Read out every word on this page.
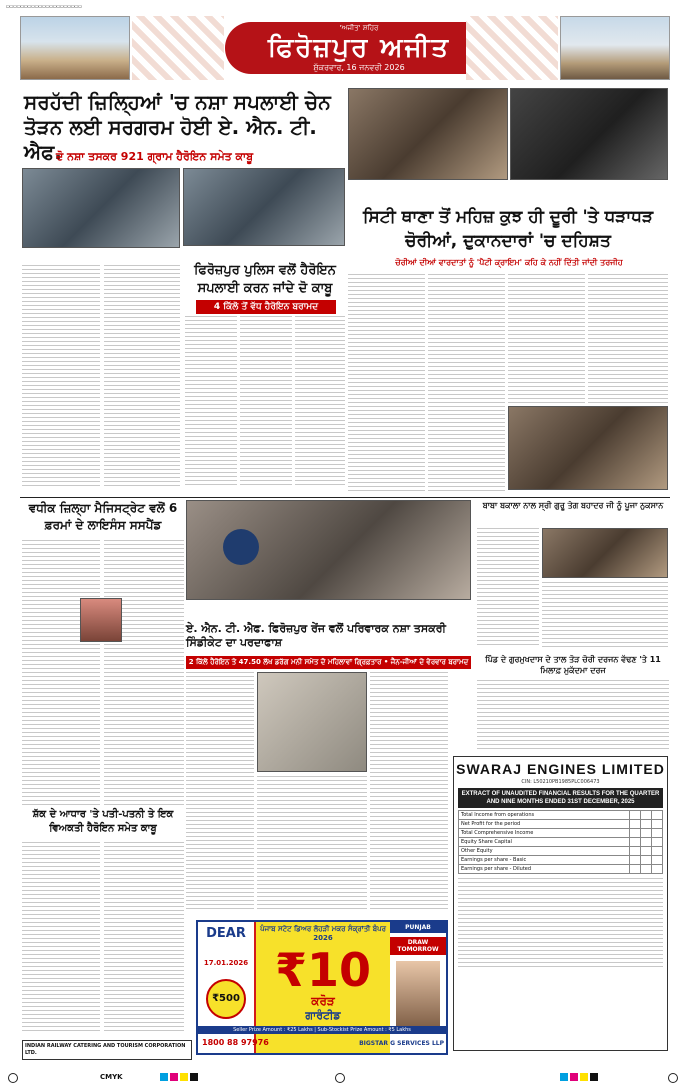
▭▭▭▭▭▭▭▭▭▭▭▭▭▭▭▭▭▭▭▭▭
'ਅਜੀਤ' ਸ਼ਹਿਰ
ਫਿਰੋਜ਼ਪੁਰ ਅਜੀਤ
ਸ਼ੁੱਕਰਵਾਰ, 16 ਜਨਵਰੀ 2026
ਸਰਹੱਦੀ ਜ਼ਿਲ੍ਹਿਆਂ 'ਚ ਨਸ਼ਾ ਸਪਲਾਈ ਚੇਨ ਤੋੜਨ ਲਈ ਸਰਗਰਮ ਹੋਈ ਏ. ਐਨ. ਟੀ. ਐਫ.
ਦੋ ਨਸ਼ਾ ਤਸਕਰ 921 ਗ੍ਰਾਮ ਹੈਰੋਇਨ ਸਮੇਤ ਕਾਬੂ
ਫਿਰੋਜ਼ਪੁਰ ਪੁਲਿਸ ਵਲੋਂ ਹੈਰੋਇਨ ਸਪਲਾਈ ਕਰਨ ਜਾਂਦੇ ਦੋ ਕਾਬੂ
4 ਕਿੱਲੋ ਤੋਂ ਵੱਧ ਹੈਰੋਇਨ ਬਰਾਮਦ
ਸਿਟੀ ਥਾਣਾ ਤੋਂ ਮਹਿਜ਼ ਕੁਝ ਹੀ ਦੂਰੀ 'ਤੇ ਧੜਾਧੜ ਚੋਰੀਆਂ, ਦੁਕਾਨਦਾਰਾਂ 'ਚ ਦਹਿਸ਼ਤ
ਚੋਰੀਆਂ ਦੀਆਂ ਵਾਰਦਾਤਾਂ ਨੂੰ 'ਪੈਟੀ ਕ੍ਰਾਇਮ' ਕਹਿ ਕੇ ਨਹੀਂ ਦਿੱਤੀ ਜਾਂਦੀ ਤਰਜੀਹ
ਵਧੀਕ ਜ਼ਿਲ੍ਹਾ ਮੈਜਿਸਟ੍ਰੇਟ ਵਲੋਂ 6 ਫ਼ਰਮਾਂ ਦੇ ਲਾਇਸੰਸ ਸਸਪੈਂਡ
ਬਾਬਾ ਬਕਾਲਾ ਨਾਲ ਸ੍ਰੀ ਗੁਰੂ ਤੇਗ ਬਹਾਦਰ ਜੀ ਨੂੰ ਪੂਜਾ ਨੁਕਸਾਨ
ਏ. ਐਨ. ਟੀ. ਐਫ. ਫਿਰੋਜ਼ਪੁਰ ਰੇਂਜ ਵਲੋਂ ਪਰਿਵਾਰਕ ਨਸ਼ਾ ਤਸਕਰੀ ਸਿੰਡੀਕੇਟ ਦਾ ਪਰਦਾਫਾਸ਼
2 ਕਿੱਲੋ ਹੈਰੋਇਨ ਤੇ 47.50 ਲੱਖ ਡਰੱਗ ਮਨੀ ਸਮੇਤ ਦੋ ਮਹਿਲਾਵਾਂ ਗ੍ਰਿਫ਼ਤਾਰ • ਜੈਨ-ਜੀਆਂ ਦੇ ਵੇਰਵਾਰ ਬਰਾਮਦ	ਪਿੰਡ ਦੇ ਗੁਰਮੁਖਦਾਸ ਦੇ ਤਾਲ ਤੋੜ ਚੋਰੀ ਦਰਜਨ ਵੱਢਣ 'ਤੇ 11 ਮਿਲਾਫ਼ ਮੁਕੱਦਮਾ ਦਰਜ
ਸ਼ੱਕ ਦੇ ਆਧਾਰ 'ਤੇ ਪਤੀ-ਪਤਨੀ ਤੇ ਇਕ ਵਿਅਕਤੀ ਹੈਰੋਇਨ ਸਮੇਤ ਕਾਬੂ
SWARAJ ENGINES LIMITED
CIN: L50210PB1985PLC006473
EXTRACT OF UNAUDITED FINANCIAL RESULTS FOR THE QUARTER AND NINE MONTHS ENDED 31ST DECEMBER, 2025
Total Income from operations			
Net Profit for the period			
Total Comprehensive Income			
Equity Share Capital			
Other Equity			
Earnings per share - Basic			
Earnings per share - Diluted			
DEAR
17.01.2026
₹500
ਪੰਜਾਬ ਸਟੇਟ ਡਿਅਰ ਲੋਹੜੀ ਮਕਰ ਸੰਕ੍ਰਾਂਤੀ ਬੰਪਰ 2026
₹10
ਕਰੋੜ
ਗਾਰੰਟੀਡ
PUNJAB
DRAW TOMORROW
Seller Prize Amount : ₹25 Lakhs | Sub-Stockist Prize Amount : ₹5 Lakhs
1800 88 97976	BIGSTAR G SERVICES LLP
INDIAN RAILWAY CATERING AND TOURISM CORPORATION LTD.
CMYK
